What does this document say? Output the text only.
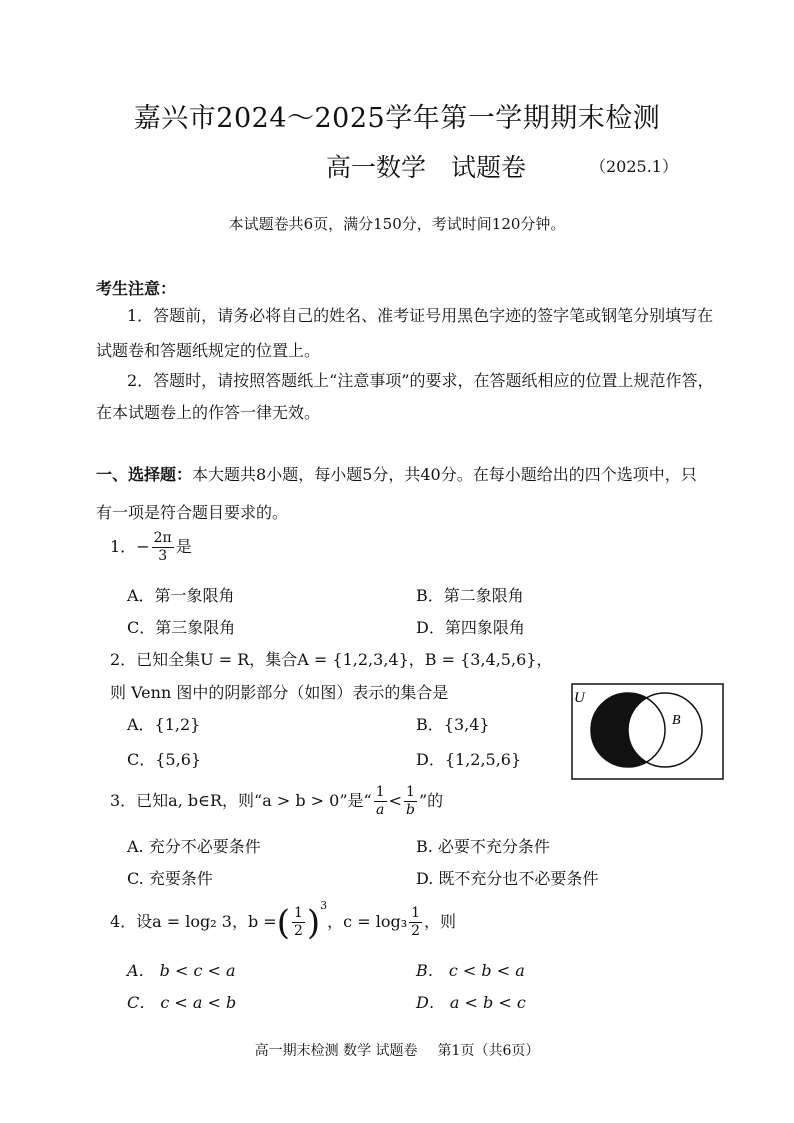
嘉兴市2024～2025学年第一学期期末检测
高一数学　试题卷	（2025.1）
本试题卷共6页，满分150分，考试时间120分钟。
考生注意：
1．答题前，请务必将自己的姓名、准考证号用黑色字迹的签字笔或钢笔分别填写在
试题卷和答题纸规定的位置上。
2．答题时，请按照答题纸上“注意事项”的要求，在答题纸相应的位置上规范作答，
在本试题卷上的作答一律无效。
一、选择题：本大题共8小题，每小题5分，共40分。在每小题给出的四个选项中，只
有一项是符合题目要求的。
1．− $\frac{2\pi}{3}$ 是
A．第一象限角	B．第二象限角
C．第三象限角	D．第四象限角
2．已知全集U = R，集合A = {1,2,3,4}，B = {3,4,5,6}，
则 Venn 图中的阴影部分（如图）表示的集合是
A．{1,2}	B．{3,4}
C．{5,6}	D．{1,2,5,6}
U
B
3．已知a, b∈R，则“a > b > 0”是“ $\frac{1}{a} < \frac{1}{b}$ ”的
A. 充分不必要条件	B. 必要不充分条件
C. 充要条件	D. 既不充分也不必要条件
4．设a = log₂ 3，b =( $\frac{1}{2} )^3$，$c = \log_3 \frac{1}{2}$ ，则
A． b < c < a	B． c < b < a
C． c < a < b	D． a < b < c
高一期末检测 数学 试题卷 第1页（共6页）
